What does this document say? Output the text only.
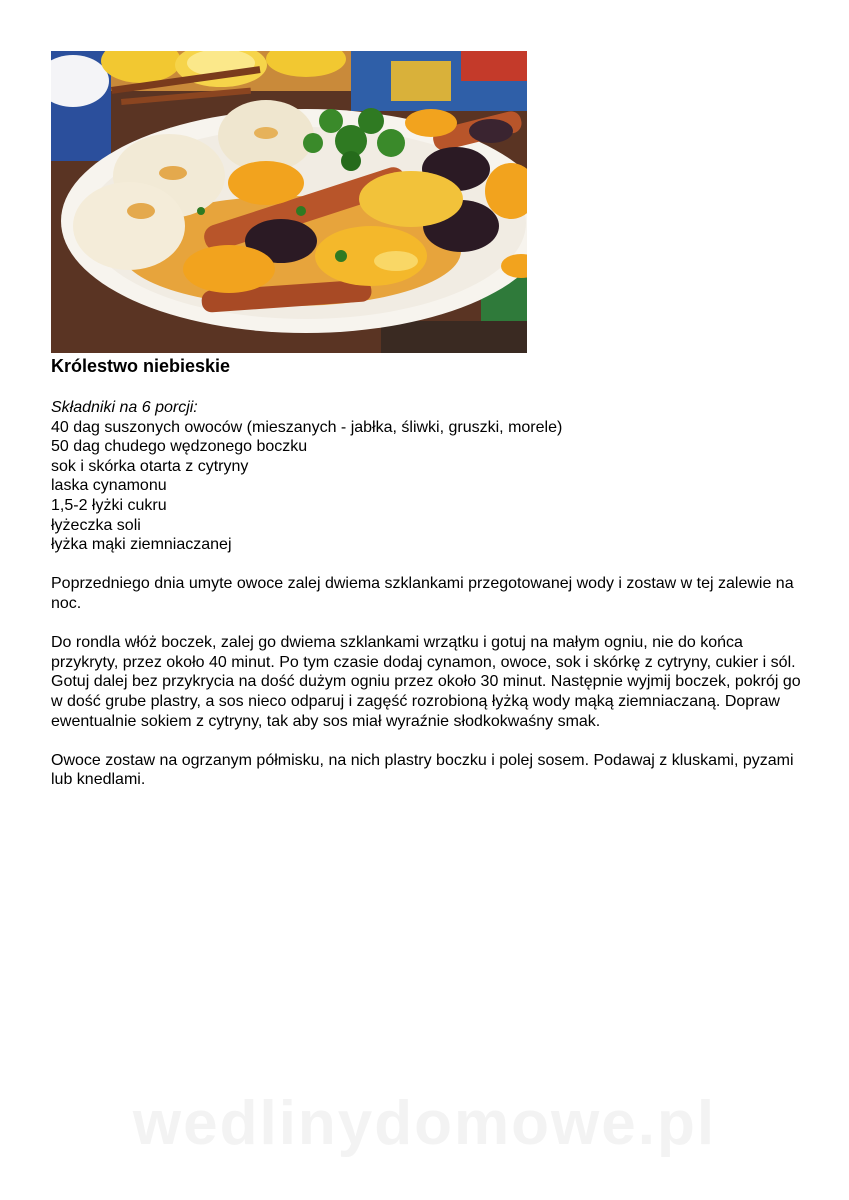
Królestwo niebieskie
Składniki na 6 porcji:
40 dag suszonych owoców (mieszanych - jabłka, śliwki, gruszki, morele)
50 dag chudego wędzonego boczku
sok i skórka otarta z cytryny
laska cynamonu
1,5-2 łyżki cukru
łyżeczka soli
łyżka mąki ziemniaczanej

Poprzedniego dnia umyte owoce zalej dwiema szklankami przegotowanej wody i zostaw w tej zalewie na noc.

Do rondla włóż boczek, zalej go dwiema szklankami wrzątku i gotuj na małym ogniu, nie do końca przykryty, przez około 40 minut. Po tym czasie dodaj cynamon, owoce, sok i skórkę z cytryny, cukier i sól. Gotuj dalej bez przykrycia na dość dużym ogniu przez około 30 minut. Następnie wyjmij boczek, pokrój go w dość grube plastry, a sos nieco odparuj i zagęść rozrobioną łyżką wody mąką ziemniaczaną. Dopraw ewentualnie sokiem z cytryny, tak aby sos miał wyraźnie słodkokwaśny smak.

Owoce zostaw na ogrzanym półmisku, na nich plastry boczku i polej sosem. Podawaj z kluskami, pyzami lub knedlami.

wedlinydomowe.pl
